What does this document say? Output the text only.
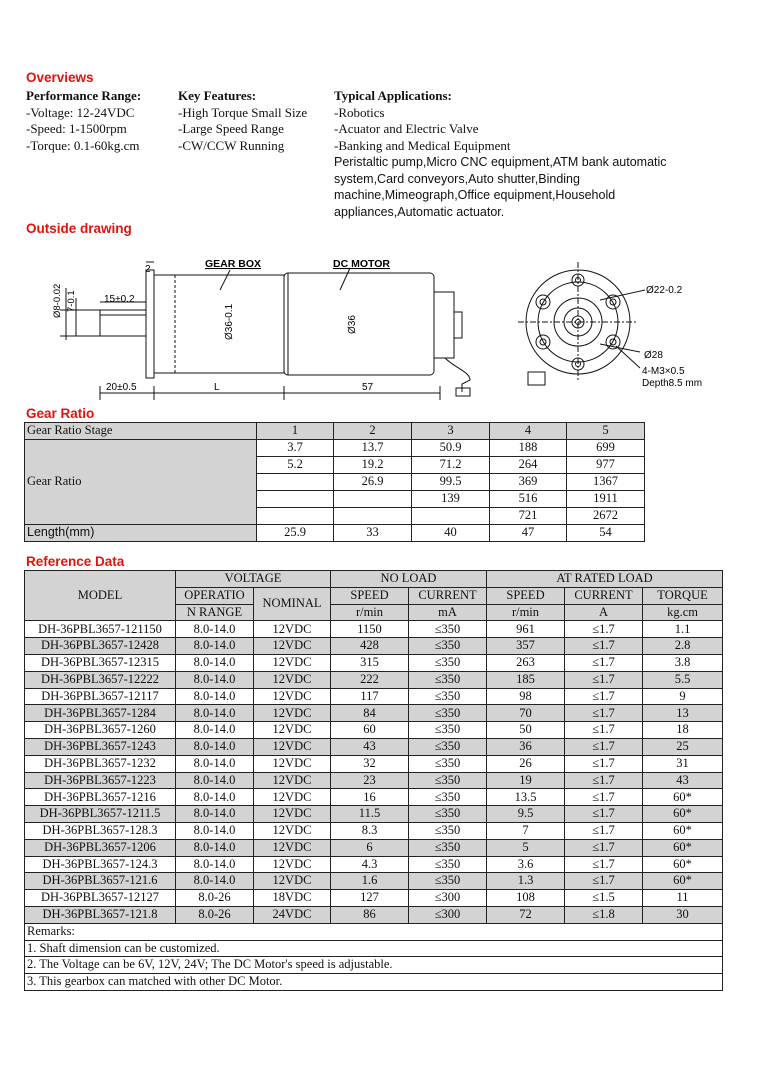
Overviews
Performance Range:
-Voltage: 12-24VDC
-Speed: 1-1500rpm
-Torque: 0.1-60kg.cm
Key Features:
-High Torque Small Size
-Large Speed Range
-CW/CCW Running
Typical Applications:
-Robotics
-Acuator and Electric Valve
-Banking and Medical Equipment
Peristaltic pump,Micro CNC equipment,ATM bank automatic
system,Card conveyors,Auto shutter,Binding
machine,Mimeograph,Office equipment,Household
appliances,Automatic actuator.
Outside drawing
GEAR BOX	DC MOTOR
2
15±0.2
Ø8-0.02 7-0.1
Ø36-0.1	Ø36
20±0.5	L	57
Ø22-0.2
Ø28
4-M3×0.5
Depth8.5 mm
Gear Ratio
Gear Ratio Stage	1	2	3	4	5
Gear Ratio	3.7	13.7	50.9	188	699
	5.2	19.2	71.2	264	977
		26.9	99.5	369	1367
			139	516	1911
				721	2672
Length(mm)	25.9	33	40	47	54
Reference Data
MODEL	VOLTAGE		NO LOAD		AT RATED LOAD		
	OPERATIO	NOMINAL	SPEED	CURRENT	SPEED	CURRENT	TORQUE
	N RANGE		r/min	mA	r/min	A	kg.cm
DH-36PBL3657-121150	8.0-14.0	12VDC	1150	≤350	961	≤1.7	1.1
DH-36PBL3657-12428	8.0-14.0	12VDC	428	≤350	357	≤1.7	2.8
DH-36PBL3657-12315	8.0-14.0	12VDC	315	≤350	263	≤1.7	3.8
DH-36PBL3657-12222	8.0-14.0	12VDC	222	≤350	185	≤1.7	5.5
DH-36PBL3657-12117	8.0-14.0	12VDC	117	≤350	98	≤1.7	9
DH-36PBL3657-1284	8.0-14.0	12VDC	84	≤350	70	≤1.7	13
DH-36PBL3657-1260	8.0-14.0	12VDC	60	≤350	50	≤1.7	18
DH-36PBL3657-1243	8.0-14.0	12VDC	43	≤350	36	≤1.7	25
DH-36PBL3657-1232	8.0-14.0	12VDC	32	≤350	26	≤1.7	31
DH-36PBL3657-1223	8.0-14.0	12VDC	23	≤350	19	≤1.7	43
DH-36PBL3657-1216	8.0-14.0	12VDC	16	≤350	13.5	≤1.7	60*
DH-36PBL3657-1211.5	8.0-14.0	12VDC	11.5	≤350	9.5	≤1.7	60*
DH-36PBL3657-128.3	8.0-14.0	12VDC	8.3	≤350	7	≤1.7	60*
DH-36PBL3657-1206	8.0-14.0	12VDC	6	≤350	5	≤1.7	60*
DH-36PBL3657-124.3	8.0-14.0	12VDC	4.3	≤350	3.6	≤1.7	60*
DH-36PBL3657-121.6	8.0-14.0	12VDC	1.6	≤350	1.3	≤1.7	60*
DH-36PBL3657-12127	8.0-26	18VDC	127	≤300	108	≤1.5	11
DH-36PBL3657-121.8	8.0-26	24VDC	86	≤300	72	≤1.8	30
Remarks:							
1. Shaft dimension can be customized.							
2. The Voltage can be 6V, 12V, 24V; The DC Motor's speed is adjustable.							
3. This gearbox can matched with other DC Motor.							
